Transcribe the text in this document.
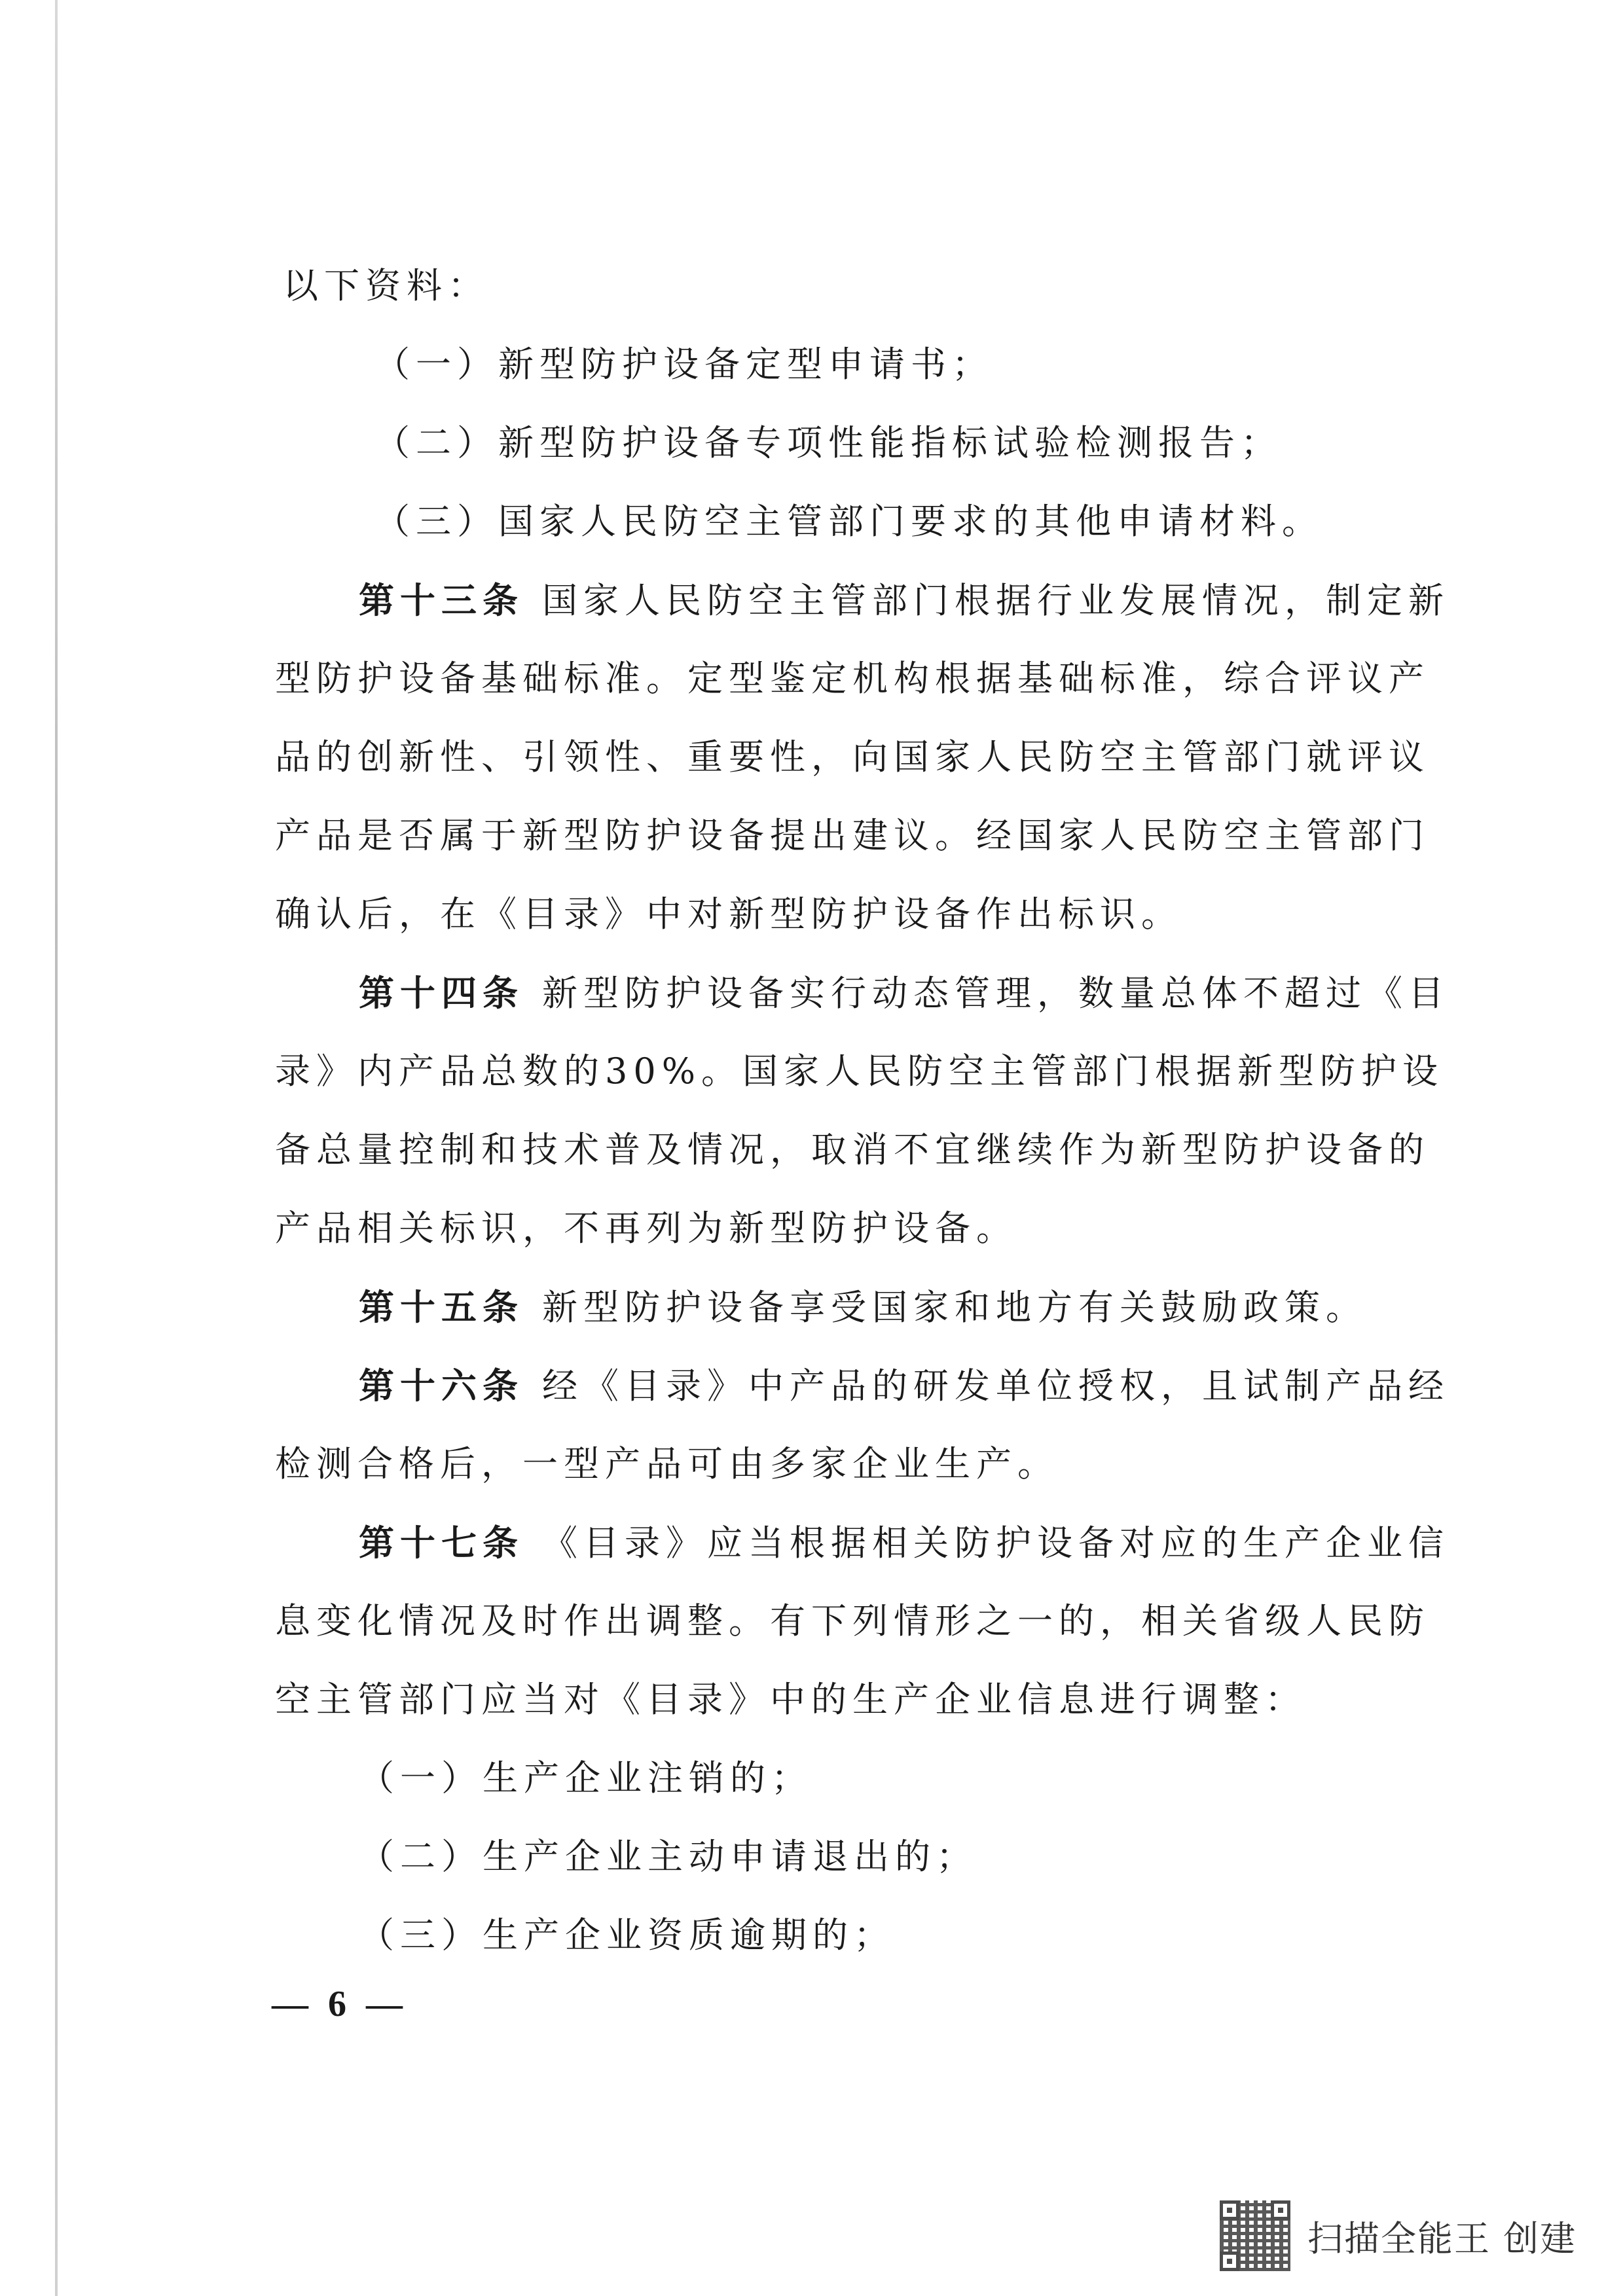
以下资料：
（一）新型防护设备定型申请书；
（二）新型防护设备专项性能指标试验检测报告；
（三）国家人民防空主管部门要求的其他申请材料。
第十三条 国家人民防空主管部门根据行业发展情况，制定新
型防护设备基础标准。定型鉴定机构根据基础标准，综合评议产
品的创新性、引领性、重要性，向国家人民防空主管部门就评议
产品是否属于新型防护设备提出建议。经国家人民防空主管部门
确认后，在《目录》中对新型防护设备作出标识。
第十四条 新型防护设备实行动态管理，数量总体不超过《目
录》内产品总数的30%。国家人民防空主管部门根据新型防护设
备总量控制和技术普及情况，取消不宜继续作为新型防护设备的
产品相关标识，不再列为新型防护设备。
第十五条 新型防护设备享受国家和地方有关鼓励政策。
第十六条 经《目录》中产品的研发单位授权，且试制产品经
检测合格后，一型产品可由多家企业生产。
第十七条 《目录》应当根据相关防护设备对应的生产企业信
息变化情况及时作出调整。有下列情形之一的，相关省级人民防
空主管部门应当对《目录》中的生产企业信息进行调整：
（一）生产企业注销的；
（二）生产企业主动申请退出的；
（三）生产企业资质逾期的；
— 6 —
扫描全能王 创建
